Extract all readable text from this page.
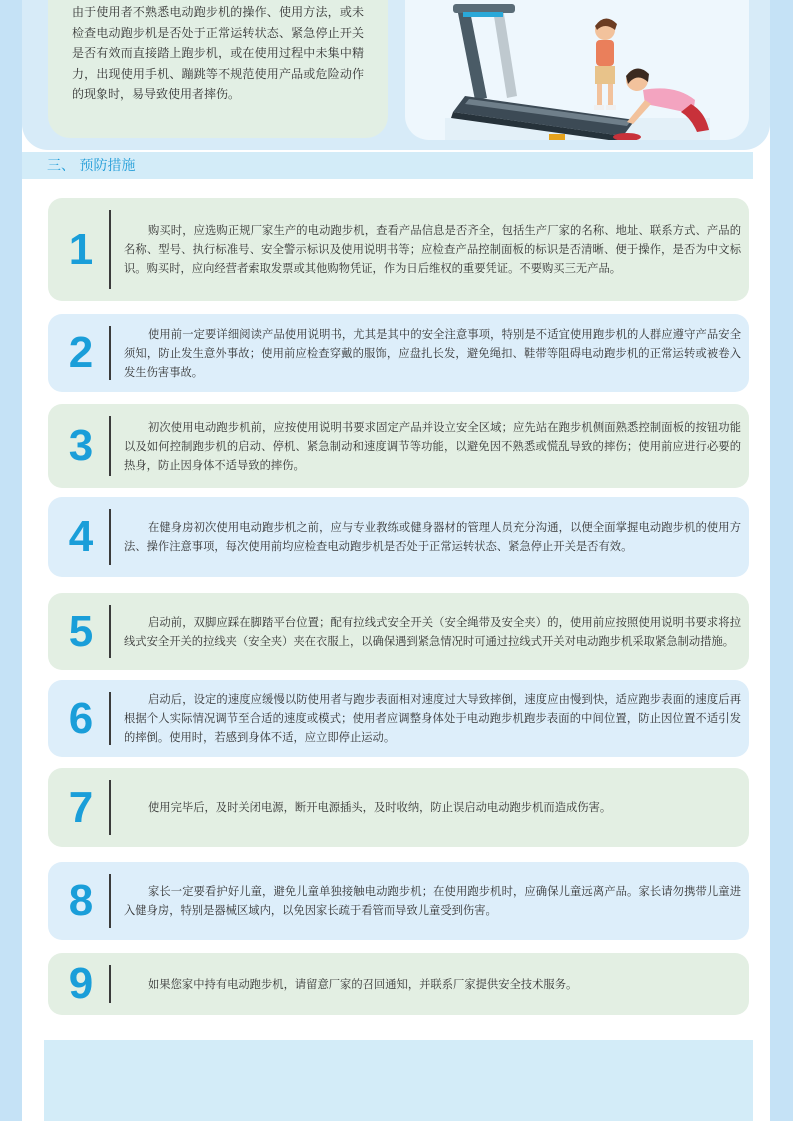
由于使用者不熟悉电动跑步机的操作、使用方法，或未检查电动跑步机是否处于正常运转状态、紧急停止开关是否有效而直接踏上跑步机，或在使用过程中未集中精力，出现使用手机、蹦跳等不规范使用产品或危险动作的现象时，易导致使用者摔伤。

三、 预防措施
1	购买时，应选购正规厂家生产的电动跑步机，查看产品信息是否齐全，包括生产厂家的名称、地址、联系方式、产品的名称、型号、执行标准号、安全警示标识及使用说明书等；应检查产品控制面板的标识是否清晰、便于操作，是否为中文标识。购买时，应向经营者索取发票或其他购物凭证，作为日后维权的重要凭证。不要购买三无产品。

2	使用前一定要详细阅读产品使用说明书，尤其是其中的安全注意事项，特别是不适宜使用跑步机的人群应遵守产品安全须知，防止发生意外事故；使用前应检查穿戴的服饰，应盘扎长发，避免绳扣、鞋带等阻碍电动跑步机的正常运转或被卷入发生伤害事故。

3	初次使用电动跑步机前，应按使用说明书要求固定产品并设立安全区域；应先站在跑步机侧面熟悉控制面板的按钮功能以及如何控制跑步机的启动、停机、紧急制动和速度调节等功能，以避免因不熟悉或慌乱导致的摔伤；使用前应进行必要的热身，防止因身体不适导致的摔伤。

4	在健身房初次使用电动跑步机之前，应与专业教练或健身器材的管理人员充分沟通，以便全面掌握电动跑步机的使用方法、操作注意事项，每次使用前均应检查电动跑步机是否处于正常运转状态、紧急停止开关是否有效。

5	启动前，双脚应踩在脚踏平台位置；配有拉线式安全开关（安全绳带及安全夹）的，使用前应按照使用说明书要求将拉线式安全开关的拉线夹（安全夹）夹在衣服上，以确保遇到紧急情况时可通过拉线式开关对电动跑步机采取紧急制动措施。

6	启动后，设定的速度应缓慢以防使用者与跑步表面相对速度过大导致摔倒，速度应由慢到快，适应跑步表面的速度后再根据个人实际情况调节至合适的速度或模式；使用者应调整身体处于电动跑步机跑步表面的中间位置，防止因位置不适引发的摔倒。使用时，若感到身体不适，应立即停止运动。

7	使用完毕后，及时关闭电源，断开电源插头，及时收纳，防止误启动电动跑步机而造成伤害。

8	家长一定要看护好儿童，避免儿童单独接触电动跑步机；在使用跑步机时，应确保儿童远离产品。家长请勿携带儿童进入健身房，特别是器械区域内，以免因家长疏于看管而导致儿童受到伤害。

9	如果您家中持有电动跑步机，请留意厂家的召回通知，并联系厂家提供安全技术服务。
